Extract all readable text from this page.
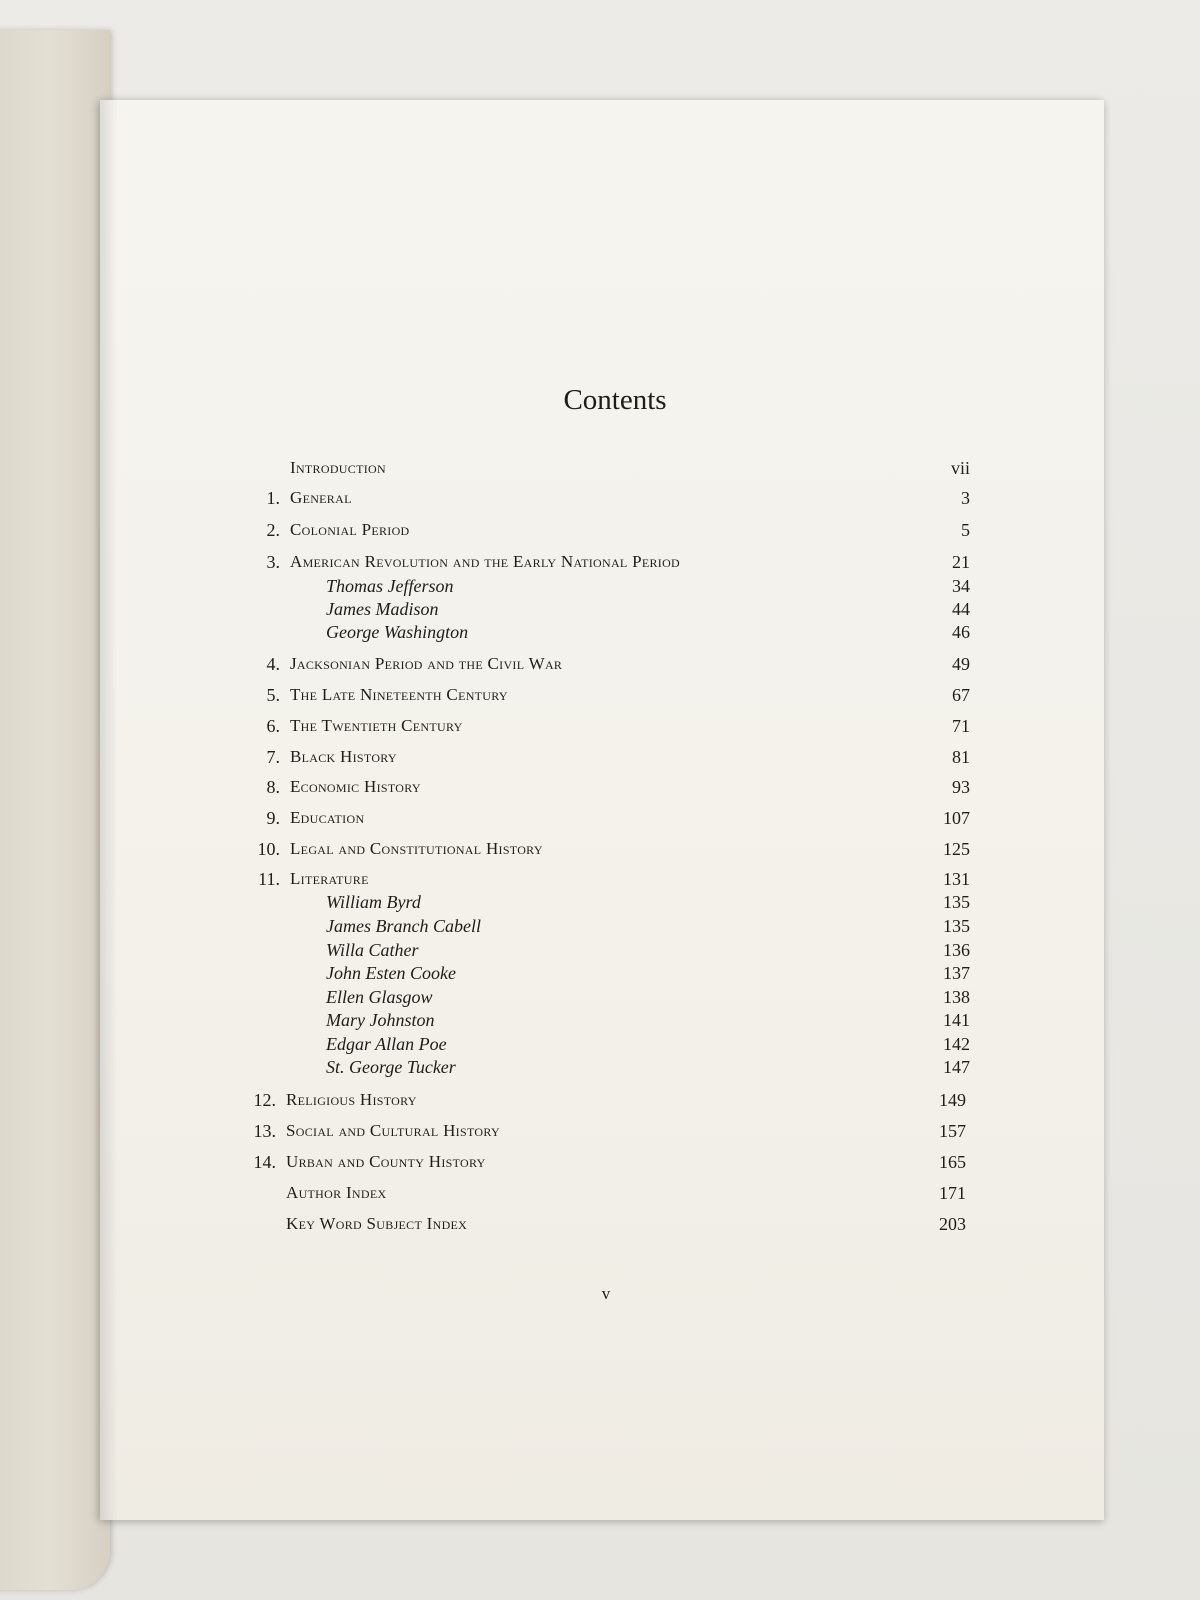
Contents
Introduction	vii
1. General	3
2. Colonial Period	5
3. American Revolution and the Early National Period	21
Thomas Jefferson	34
James Madison	44
George Washington	46
4. Jacksonian Period and the Civil War	49
5. The Late Nineteenth Century	67
6. The Twentieth Century	71
7. Black History	81
8. Economic History	93
9. Education	107
10. Legal and Constitutional History	125
11. Literature	131
William Byrd	135
James Branch Cabell	135
Willa Cather	136
John Esten Cooke	137
Ellen Glasgow	138
Mary Johnston	141
Edgar Allan Poe	142
St. George Tucker	147
12. Religious History	149
13. Social and Cultural History	157
14. Urban and County History	165
Author Index	171
Key Word Subject Index	203
v
